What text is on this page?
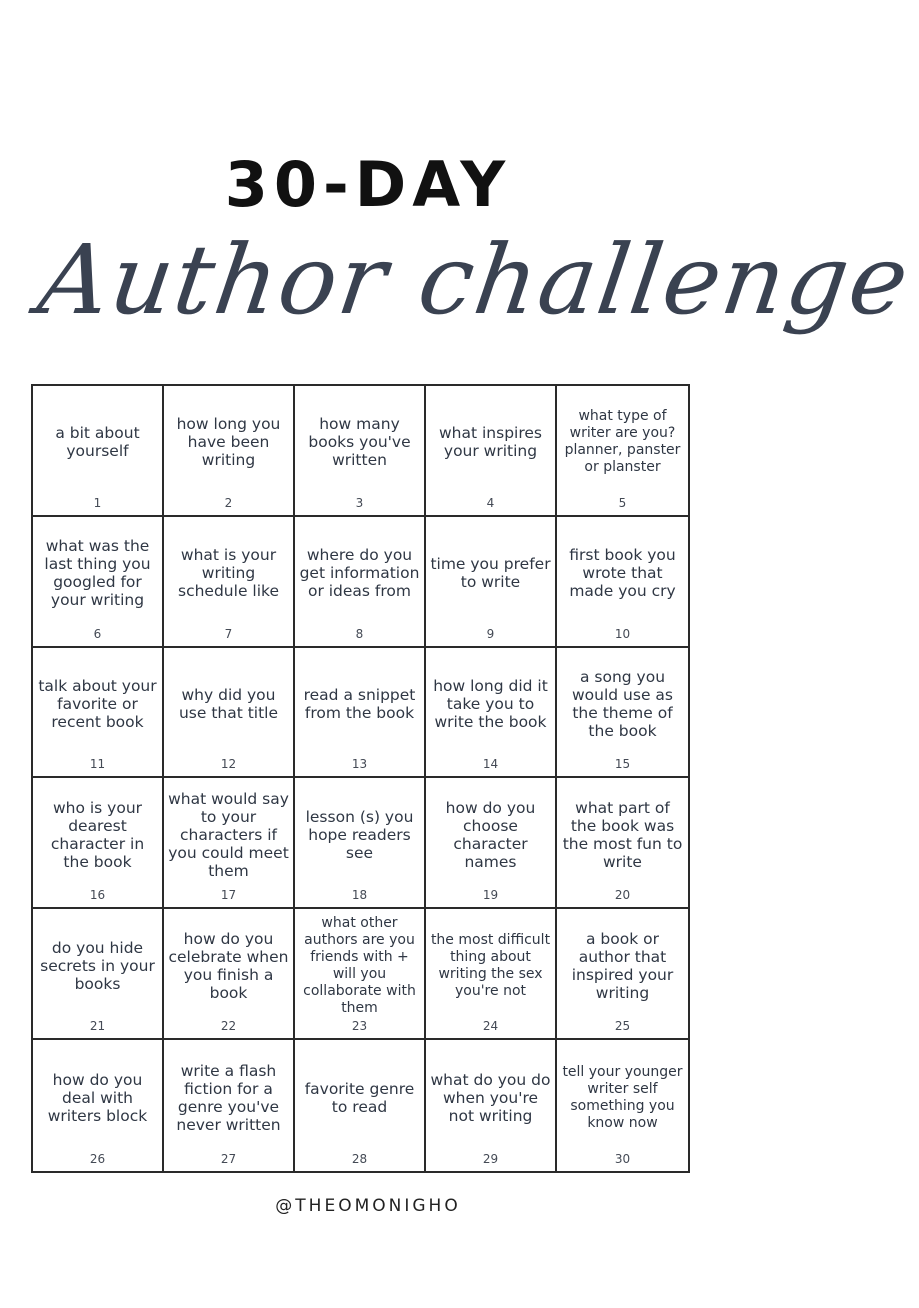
30-DAY
Author challenge
a bit about yourself
1
how long you have been writing
2
how many books you've written
3
what inspires your writing
4
what type of writer are you? planner, panster or planster
5
what was the last thing you googled for your writing
6
what is your writing schedule like
7
where do you get information or ideas from
8
time you prefer to write
9
first book you wrote that made you cry
10
talk about your favorite or recent book
11
why did you use that title
12
read a snippet from the book
13
how long did it take you to write the book
14
a song you would use as the theme of the book
15
who is your dearest character in the book
16
what would say to your characters if you could meet them
17
lesson (s) you hope readers see
18
how do you choose character names
19
what part of the book was the most fun to write
20
do you hide secrets in your books
21
how do you celebrate when you finish a book
22
what other authors are you friends with + will you collaborate with them
23
the most difficult thing about writing the sex you're not
24
a book or author that inspired your writing
25
how do you deal with writers block
26
write a flash fiction for a genre you've never written
27
favorite genre to read
28
what do you do when you're not writing
29
tell your younger writer self something you know now
30
@THEOMONIGHO
